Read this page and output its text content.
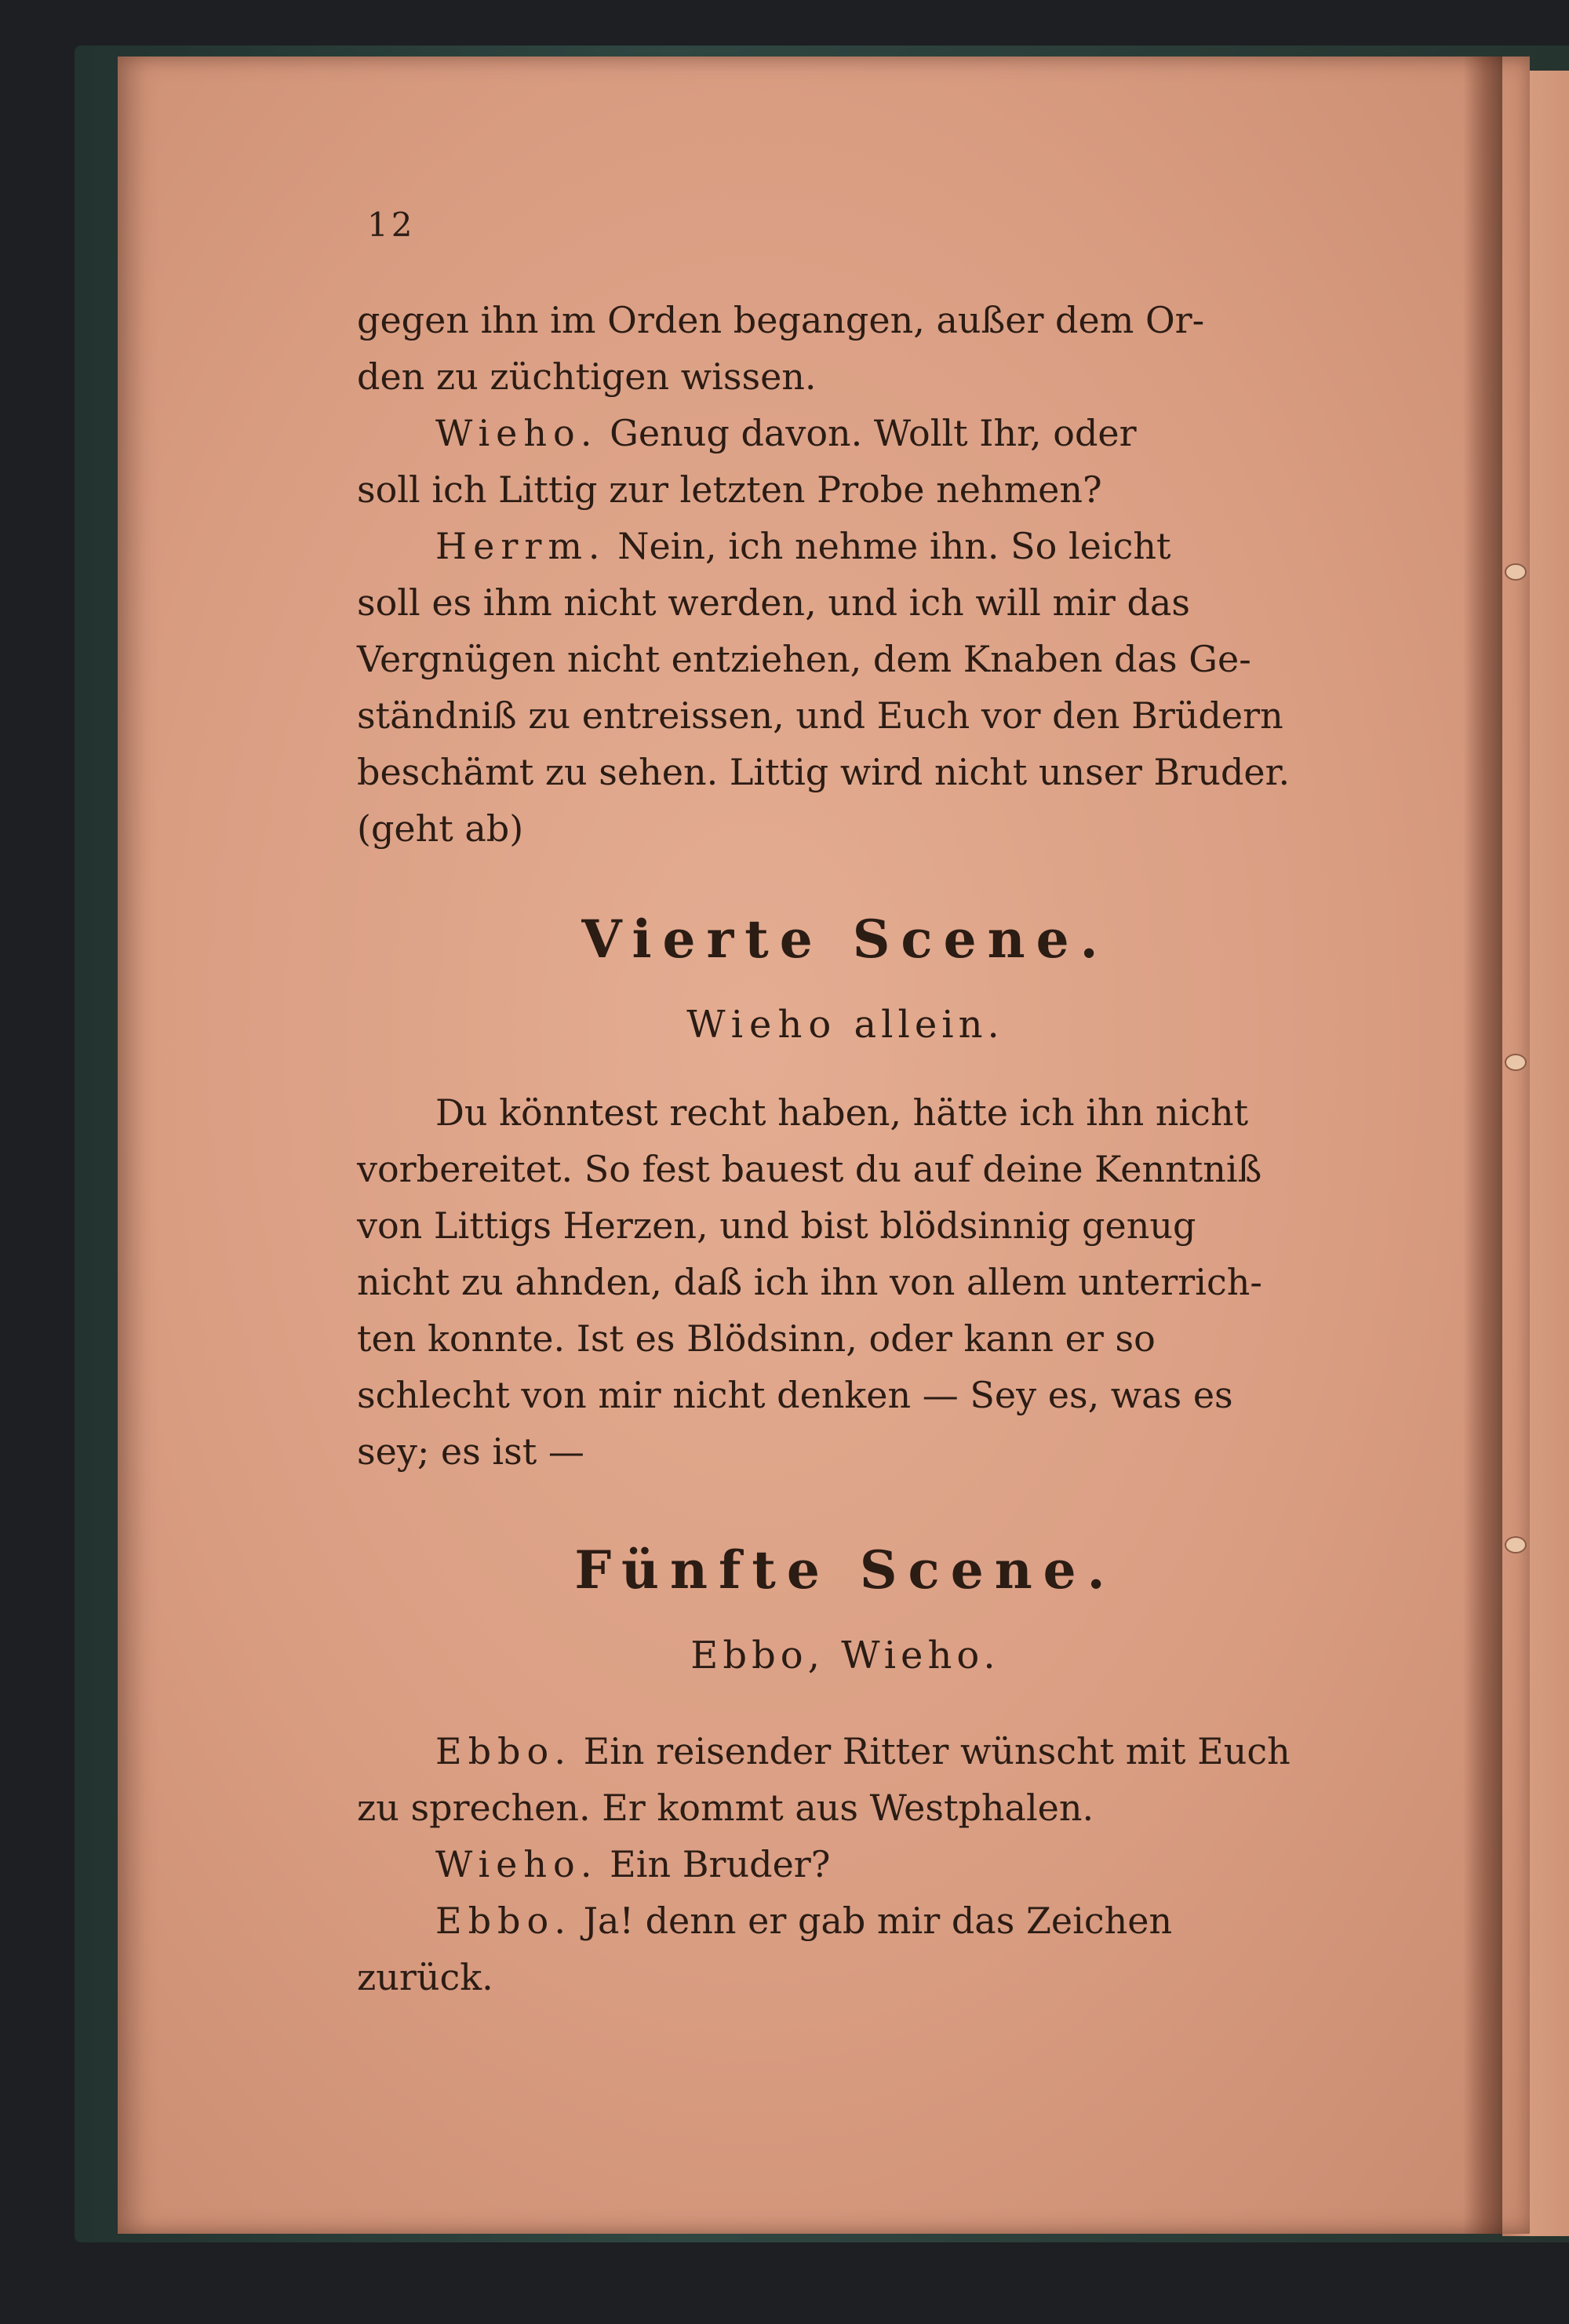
12

gegen ihn im Orden begangen, außer dem Or-

den zu züchtigen wissen.

Wieho. Genug davon. Wollt Ihr, oder

soll ich Littig zur letzten Probe nehmen?

Herrm. Nein, ich nehme ihn. So leicht

soll es ihm nicht werden, und ich will mir das

Vergnügen nicht entziehen, dem Knaben das Ge-

ständniß zu entreissen, und Euch vor den Brüdern

beschämt zu sehen. Littig wird nicht unser Bruder.

(geht ab)

Vierte Scene.

Wieho allein.

Du könntest recht haben, hätte ich ihn nicht

vorbereitet. So fest bauest du auf deine Kenntniß

von Littigs Herzen, und bist blödsinnig genug

nicht zu ahnden, daß ich ihn von allem unterrich-

ten konnte. Ist es Blödsinn, oder kann er so

schlecht von mir nicht denken — Sey es, was es

sey; es ist —

Fünfte Scene.

Ebbo, Wieho.

Ebbo. Ein reisender Ritter wünscht mit Euch

zu sprechen. Er kommt aus Westphalen.

Wieho. Ein Bruder?

Ebbo. Ja! denn er gab mir das Zeichen

zurück.
